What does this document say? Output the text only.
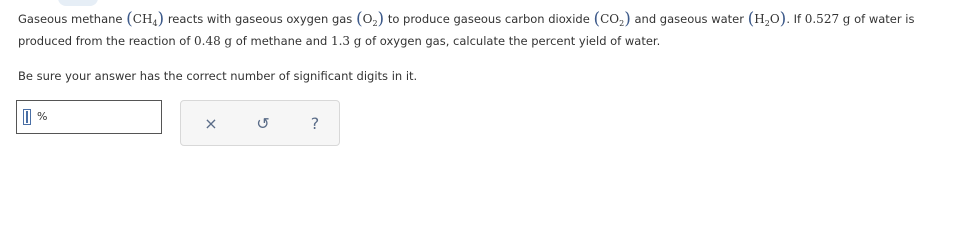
Gaseous methane $(CH_4)$ reacts with gaseous oxygen gas $(O_2)$ to produce gaseous carbon dioxide $(CO_2)$ and gaseous water $(H_2O)$. If 0.527 g of water is
produced from the reaction of 0.48 g of methane and 1.3 g of oxygen gas, calculate the percent yield of water.
Be sure your answer has the correct number of significant digits in it.
%	× ↺	?
